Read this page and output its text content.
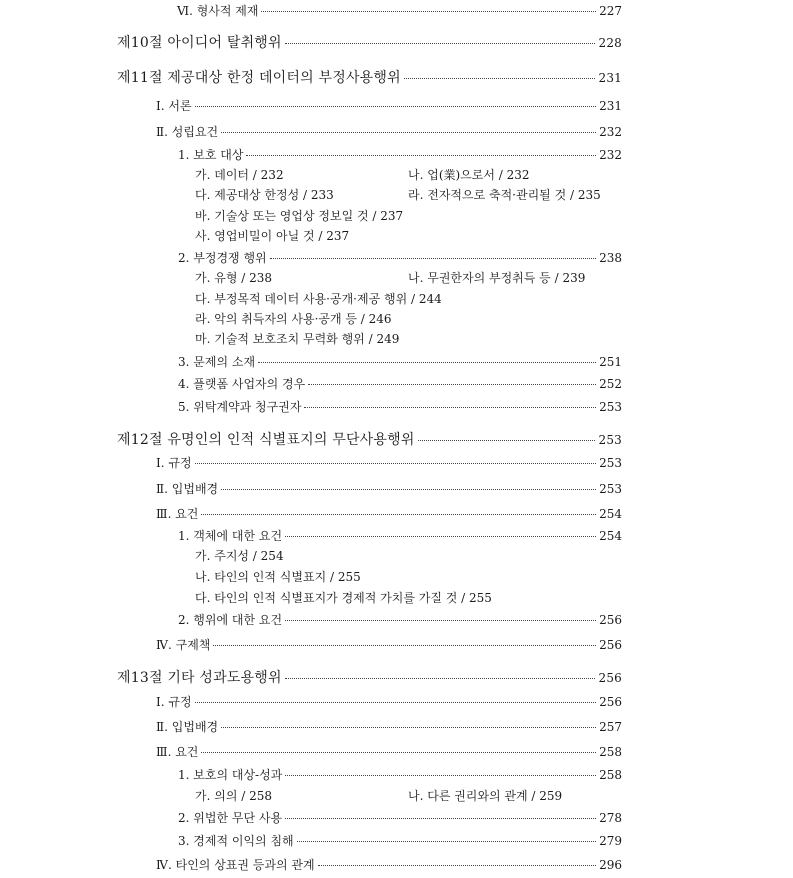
Ⅵ. 형사적 제재	227
제10절 아이디어 탈취행위	228
제11절 제공대상 한정 데이터의 부정사용행위	231
Ⅰ. 서론	231
Ⅱ. 성립요건	232
1. 보호 대상	232
가. 데이터 / 232	나. 업(業)으로서 / 232
다. 제공대상 한정성 / 233	라. 전자적으로 축적·관리될 것 / 235
바. 기술상 또는 영업상 정보일 것 / 237
사. 영업비밀이 아닐 것 / 237
2. 부정경쟁 행위	238
가. 유형 / 238	나. 무권한자의 부정취득 등 / 239
다. 부정목적 데이터 사용·공개·제공 행위 / 244
라. 악의 취득자의 사용·공개 등 / 246
마. 기술적 보호조치 무력화 행위 / 249
3. 문제의 소재	251
4. 플랫폼 사업자의 경우	252
5. 위탁계약과 청구권자	253
제12절 유명인의 인적 식별표지의 무단사용행위	253
Ⅰ. 규정	253
Ⅱ. 입법배경	253
Ⅲ. 요건	254
1. 객체에 대한 요건	254
가. 주지성 / 254
나. 타인의 인적 식별표지 / 255
다. 타인의 인적 식별표지가 경제적 가치를 가질 것 / 255
2. 행위에 대한 요건	256
Ⅳ. 구제책	256
제13절 기타 성과도용행위	256
Ⅰ. 규정	256
Ⅱ. 입법배경	257
Ⅲ. 요건	258
1. 보호의 대상-성과	258
가. 의의 / 258	나. 다른 권리와의 관계 / 259
2. 위법한 무단 사용	278
3. 경제적 이익의 침해	279
Ⅳ. 타인의 상표권 등과의 관계	296
